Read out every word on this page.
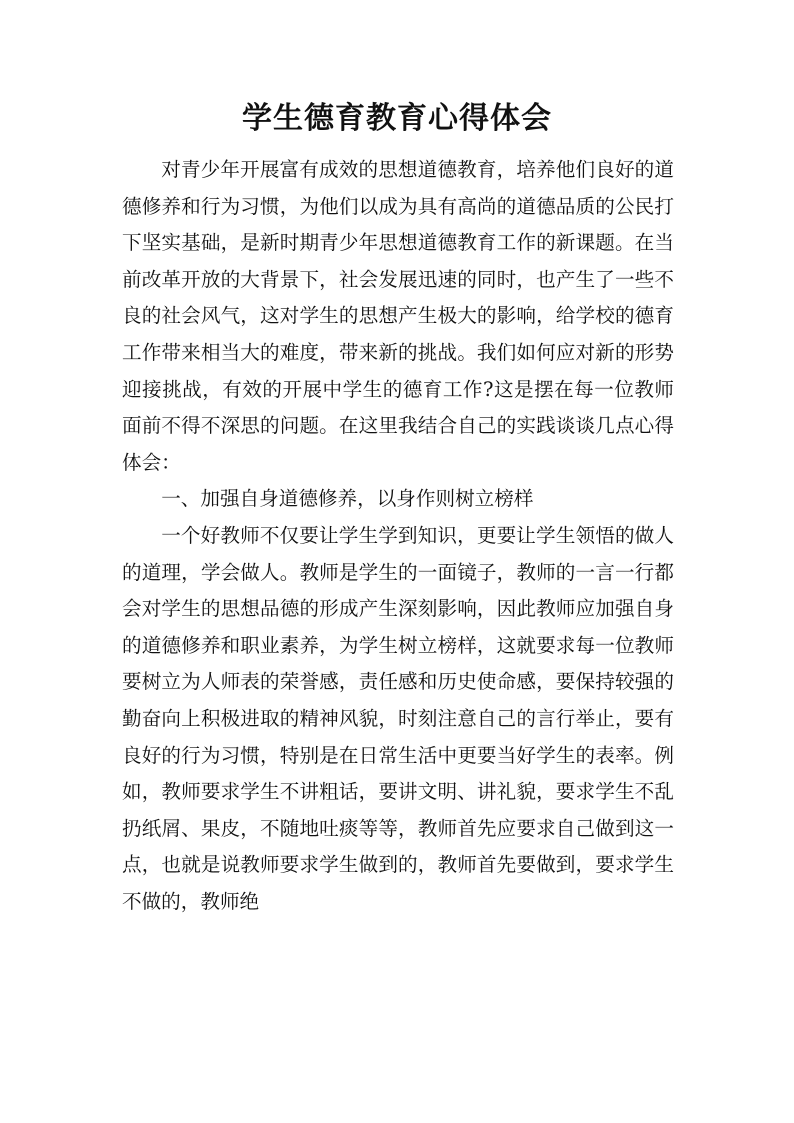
学生德育教育心得体会

对青少年开展富有成效的思想道德教育，培养他们良好的道德修养和行为习惯，为他们以成为具有高尚的道德品质的公民打下坚实基础，是新时期青少年思想道德教育工作的新课题。在当前改革开放的大背景下，社会发展迅速的同时，也产生了一些不良的社会风气，这对学生的思想产生极大的影响，给学校的德育工作带来相当大的难度，带来新的挑战。我们如何应对新的形势迎接挑战，有效的开展中学生的德育工作?这是摆在每一位教师面前不得不深思的问题。在这里我结合自己的实践谈谈几点心得体会：

一、加强自身道德修养，以身作则树立榜样

一个好教师不仅要让学生学到知识，更要让学生领悟的做人的道理，学会做人。教师是学生的一面镜子，教师的一言一行都会对学生的思想品德的形成产生深刻影响，因此教师应加强自身的道德修养和职业素养，为学生树立榜样，这就要求每一位教师要树立为人师表的荣誉感，责任感和历史使命感，要保持较强的勤奋向上积极进取的精神风貌，时刻注意自己的言行举止，要有良好的行为习惯，特别是在日常生活中更要当好学生的表率。例如，教师要求学生不讲粗话，要讲文明、讲礼貌，要求学生不乱扔纸屑、果皮，不随地吐痰等等，教师首先应要求自己做到这一点，也就是说教师要求学生做到的，教师首先要做到，要求学生不做的，教师绝
